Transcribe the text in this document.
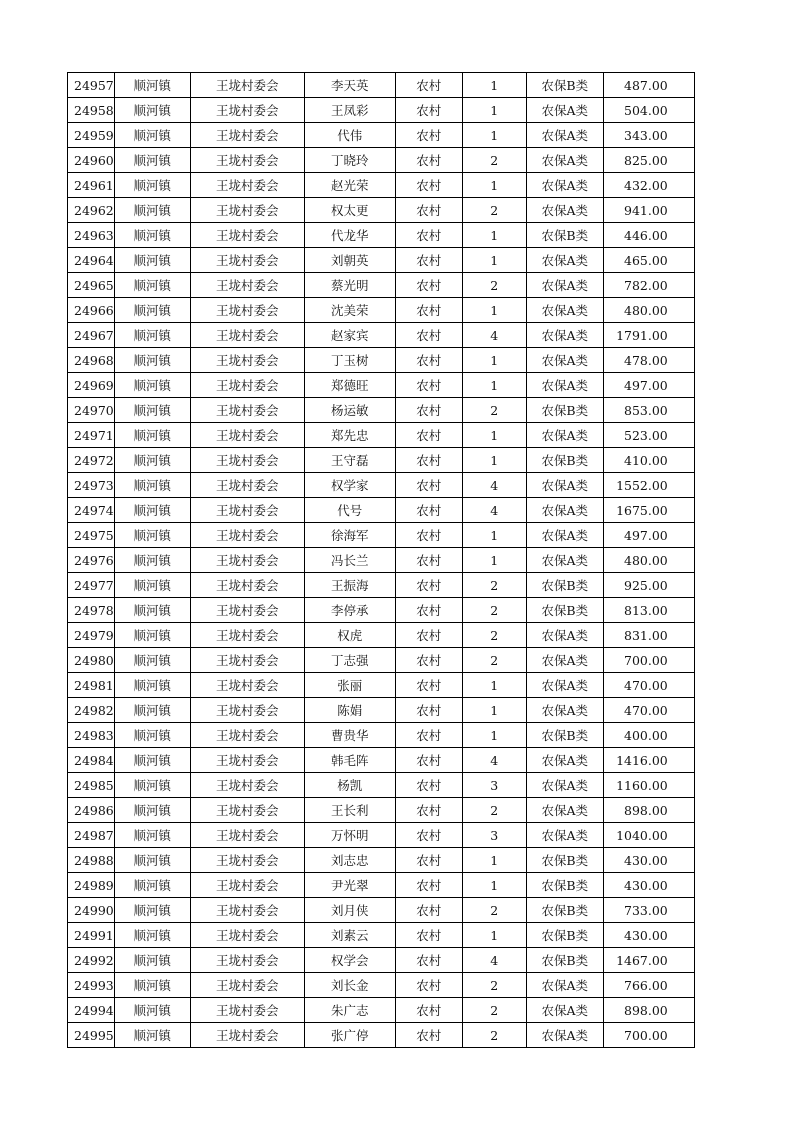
24957	顺河镇	王垅村委会	李天英	农村	1	农保B类	487.00
24958	顺河镇	王垅村委会	王凤彩	农村	1	农保A类	504.00
24959	顺河镇	王垅村委会	代伟	农村	1	农保A类	343.00
24960	顺河镇	王垅村委会	丁晓玲	农村	2	农保A类	825.00
24961	顺河镇	王垅村委会	赵光荣	农村	1	农保A类	432.00
24962	顺河镇	王垅村委会	权太更	农村	2	农保A类	941.00
24963	顺河镇	王垅村委会	代龙华	农村	1	农保B类	446.00
24964	顺河镇	王垅村委会	刘朝英	农村	1	农保A类	465.00
24965	顺河镇	王垅村委会	蔡光明	农村	2	农保A类	782.00
24966	顺河镇	王垅村委会	沈美荣	农村	1	农保A类	480.00
24967	顺河镇	王垅村委会	赵家宾	农村	4	农保A类	1791.00
24968	顺河镇	王垅村委会	丁玉树	农村	1	农保A类	478.00
24969	顺河镇	王垅村委会	郑德旺	农村	1	农保A类	497.00
24970	顺河镇	王垅村委会	杨运敏	农村	2	农保B类	853.00
24971	顺河镇	王垅村委会	郑先忠	农村	1	农保A类	523.00
24972	顺河镇	王垅村委会	王守磊	农村	1	农保B类	410.00
24973	顺河镇	王垅村委会	权学家	农村	4	农保A类	1552.00
24974	顺河镇	王垅村委会	代号	农村	4	农保A类	1675.00
24975	顺河镇	王垅村委会	徐海军	农村	1	农保A类	497.00
24976	顺河镇	王垅村委会	冯长兰	农村	1	农保A类	480.00
24977	顺河镇	王垅村委会	王振海	农村	2	农保B类	925.00
24978	顺河镇	王垅村委会	李停承	农村	2	农保B类	813.00
24979	顺河镇	王垅村委会	权虎	农村	2	农保A类	831.00
24980	顺河镇	王垅村委会	丁志强	农村	2	农保A类	700.00
24981	顺河镇	王垅村委会	张丽	农村	1	农保A类	470.00
24982	顺河镇	王垅村委会	陈娟	农村	1	农保A类	470.00
24983	顺河镇	王垅村委会	曹贵华	农村	1	农保B类	400.00
24984	顺河镇	王垅村委会	韩毛阵	农村	4	农保A类	1416.00
24985	顺河镇	王垅村委会	杨凯	农村	3	农保A类	1160.00
24986	顺河镇	王垅村委会	王长利	农村	2	农保A类	898.00
24987	顺河镇	王垅村委会	万怀明	农村	3	农保A类	1040.00
24988	顺河镇	王垅村委会	刘志忠	农村	1	农保B类	430.00
24989	顺河镇	王垅村委会	尹光翠	农村	1	农保B类	430.00
24990	顺河镇	王垅村委会	刘月侠	农村	2	农保B类	733.00
24991	顺河镇	王垅村委会	刘素云	农村	1	农保B类	430.00
24992	顺河镇	王垅村委会	权学会	农村	4	农保B类	1467.00
24993	顺河镇	王垅村委会	刘长金	农村	2	农保A类	766.00
24994	顺河镇	王垅村委会	朱广志	农村	2	农保A类	898.00
24995	顺河镇	王垅村委会	张广停	农村	2	农保A类	700.00
